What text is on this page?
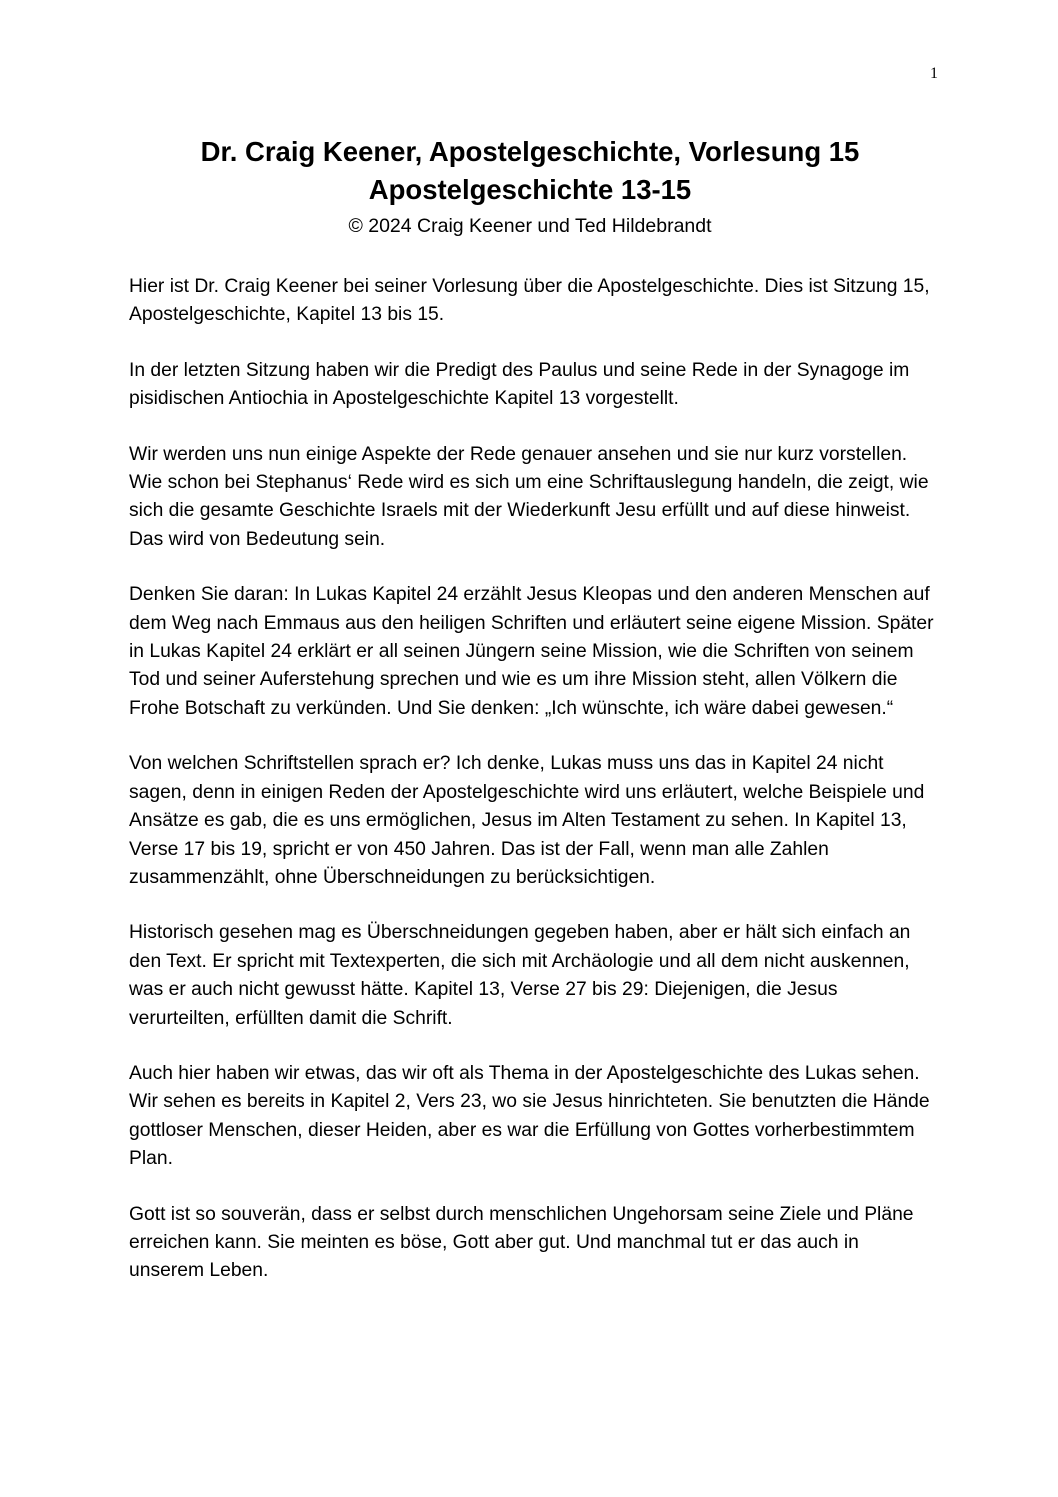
1
Dr. Craig Keener, Apostelgeschichte, Vorlesung 15
Apostelgeschichte 13-15
© 2024 Craig Keener und Ted Hildebrandt

Hier ist Dr. Craig Keener bei seiner Vorlesung über die Apostelgeschichte. Dies ist Sitzung 15, Apostelgeschichte, Kapitel 13 bis 15.

In der letzten Sitzung haben wir die Predigt des Paulus und seine Rede in der Synagoge im pisidischen Antiochia in Apostelgeschichte Kapitel 13 vorgestellt.

Wir werden uns nun einige Aspekte der Rede genauer ansehen und sie nur kurz vorstellen. Wie schon bei Stephanus‘ Rede wird es sich um eine Schriftauslegung handeln, die zeigt, wie sich die gesamte Geschichte Israels mit der Wiederkunft Jesu erfüllt und auf diese hinweist. Das wird von Bedeutung sein.

Denken Sie daran: In Lukas Kapitel 24 erzählt Jesus Kleopas und den anderen Menschen auf dem Weg nach Emmaus aus den heiligen Schriften und erläutert seine eigene Mission. Später in Lukas Kapitel 24 erklärt er all seinen Jüngern seine Mission, wie die Schriften von seinem Tod und seiner Auferstehung sprechen und wie es um ihre Mission steht, allen Völkern die Frohe Botschaft zu verkünden. Und Sie denken: „Ich wünschte, ich wäre dabei gewesen.“

Von welchen Schriftstellen sprach er? Ich denke, Lukas muss uns das in Kapitel 24 nicht sagen, denn in einigen Reden der Apostelgeschichte wird uns erläutert, welche Beispiele und Ansätze es gab, die es uns ermöglichen, Jesus im Alten Testament zu sehen. In Kapitel 13, Verse 17 bis 19, spricht er von 450 Jahren. Das ist der Fall, wenn man alle Zahlen zusammenzählt, ohne Überschneidungen zu berücksichtigen.

Historisch gesehen mag es Überschneidungen gegeben haben, aber er hält sich einfach an den Text. Er spricht mit Textexperten, die sich mit Archäologie und all dem nicht auskennen, was er auch nicht gewusst hätte. Kapitel 13, Verse 27 bis 29: Diejenigen, die Jesus verurteilten, erfüllten damit die Schrift.

Auch hier haben wir etwas, das wir oft als Thema in der Apostelgeschichte des Lukas sehen. Wir sehen es bereits in Kapitel 2, Vers 23, wo sie Jesus hinrichteten. Sie benutzten die Hände gottloser Menschen, dieser Heiden, aber es war die Erfüllung von Gottes vorherbestimmtem Plan.

Gott ist so souverän, dass er selbst durch menschlichen Ungehorsam seine Ziele und Pläne erreichen kann. Sie meinten es böse, Gott aber gut. Und manchmal tut er das auch in unserem Leben.
